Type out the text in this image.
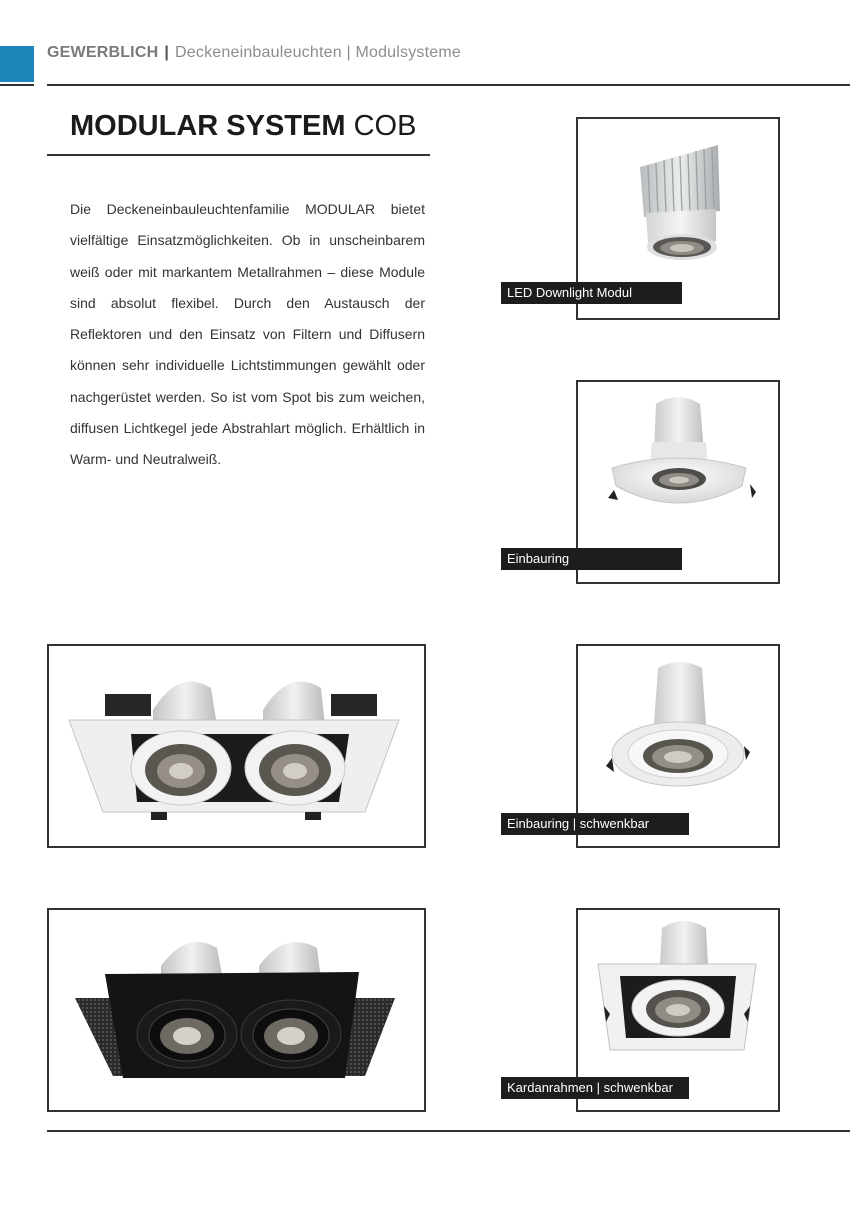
GEWERBLICH | Deckeneinbauleuchten | Modulsysteme
MODULAR SYSTEM COB
Die Deckeneinbauleuchtenfamilie MODULAR bietet vielfältige Einsatzmöglichkeiten. Ob in unscheinbarem weiß oder mit markantem Metallrahmen – diese Module sind absolut flexibel. Durch den Austausch der Reflektoren und den Einsatz von Filtern und Diffusern können sehr individuelle Lichtstimmungen gewählt oder nachgerüstet werden. So ist vom Spot bis zum weichen, diffusen Lichtkegel jede Abstrahlart möglich. Erhältlich in Warm- und Neutralweiß.
LED Downlight Modul
Einbauring
Einbauring | schwenkbar
Kardanrahmen | schwenkbar
